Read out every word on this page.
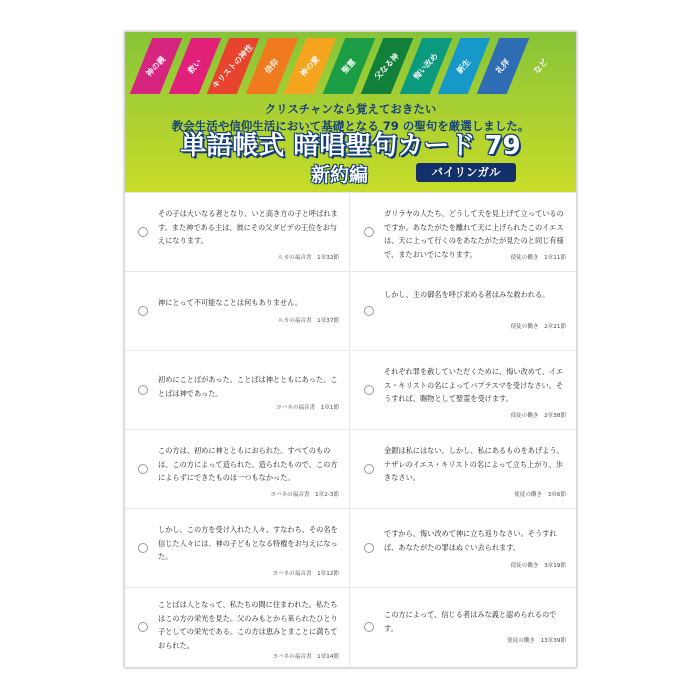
神の義 救い キリストの神性 信仰 神の愛 聖霊 父なる神 悔い改め 新生	礼拝	など
クリスチャンなら覚えておきたい
教会生活や信仰生活において基礎となる 79 の聖句を厳選しました。
単語帳式 暗唱聖句カード 79
新約編	バイリンガル
その子は大いなる者となり、いと高き方の子と呼ばれます。また神である主は、彼にその父ダビデの王位をお与えになります。
ルカの福音書　1章32節
ガリラヤの人たち、どうして天を見上げて立っているのですか。あなたがたを離れて天に上げられたこのイエスは、天に上って行くのをあなたがたが見たのと同じ有様で、またおいでになります。	使徒の働き　1章11節
神にとって不可能なことは何もありません。
ルカの福音書　1章37節
しかし、主の御名を呼び求める者はみな救われる。
使徒の働き　2章21節
初めにことばがあった。ことばは神とともにあった。ことばは神であった。
ヨハネの福音書　1章1節
それぞれ罪を赦していただくために、悔い改めて、イエス・キリストの名によってバプテスマを受けなさい。そうすれば、賜物として聖霊を受けます。
使徒の働き　2章38節
この方は、初めに神とともにおられた。すべてのものは、この方によって造られた。造られたもので、この方によらずにできたものは一つもなかった。
ヨハネの福音書　1章2-3節
金銀は私にはない。しかし、私にあるものをあげよう。ナザレのイエス・キリストの名によって立ち上がり、歩きなさい。
使徒の働き　3章6節
しかし、この方を受け入れた人々、すなわち、その名を信じた人々には、神の子どもとなる特権をお与えになった。
ヨハネの福音書　1章12節
ですから、悔い改めて神に立ち返りなさい。そうすれば、あなたがたの罪はぬぐい去られます。
使徒の働き　3章19節
ことばは人となって、私たちの間に住まわれた。私たちはこの方の栄光を見た。父のみもとから来られたひとり子としての栄光である。この方は恵みとまことに満ちておられた。
ヨハネの福音書　1章14節
この方によって、信じる者はみな義と認められるのです。
使徒の働き　13章39節
